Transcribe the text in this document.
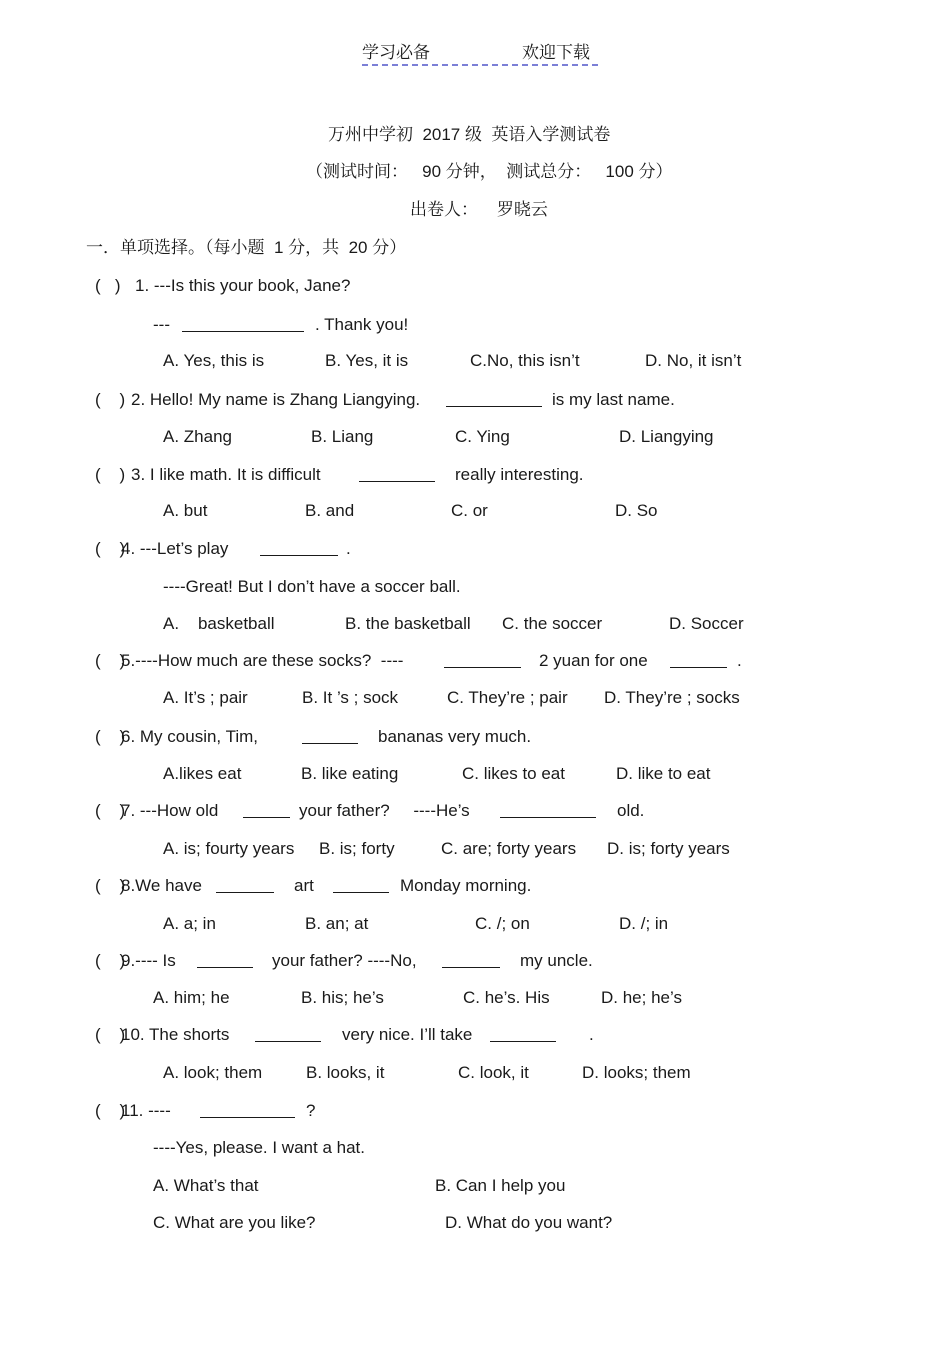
学习必备	欢迎下载
万州中学初  2017 级  英语入学测试卷
（测试时间：   90 分钟，  测试总分：   100 分）
出卷人：    罗晓云
一．单项选择。（每小题  1 分，共  20 分）
(   ) 1. ---Is this your book, Jane?
---	. Thank you!
A. Yes, this is	B. Yes, it is	C.No, this isn’t	D. No, it isn’t
(    ) 2. Hello! My name is Zhang Liangying.	is my last name.
A. Zhang	B. Liang	C. Ying	D. Liangying
(    ) 3. I like math. It is difficult	really interesting.
A. but	B. and	C. or	D. So
(    )
4. ---Let’s play	.
----Great! But I don’t have a soccer ball.
A.    basketball	B. the basketball C. the soccer	D. Soccer
(    )
5.----How much are these socks?  ----	2 yuan for one	.
A. It’s ; pair	B. It ’s ; sock	C. They’re ; pair D. They’re ; socks
(    )
6. My cousin, Tim,	bananas very much.
A.likes eat	B. like eating	C. likes to eat	D. like to eat
(    )
7. ---How old	your father?     ----He’s	old.
A. is; fourty years B. is; forty	C. are; forty years D. is; forty years
(    )
8.We have	art	Monday morning.
A. a; in	B. an; at	C. /; on	D. /; in
(    )
9.---- Is	your father? ----No,	my uncle.
A. him; he	B. his; he’s	C. he’s. His	D. he; he’s
(    )
10. The shorts	very nice. I’ll take	.
A. look; them	B. looks, it	C. look, it	D. looks; them
(    )
11. ----	?
----Yes, please. I want a hat.
A. What’s that	B. Can I help you
C. What are you like?	D. What do you want?
